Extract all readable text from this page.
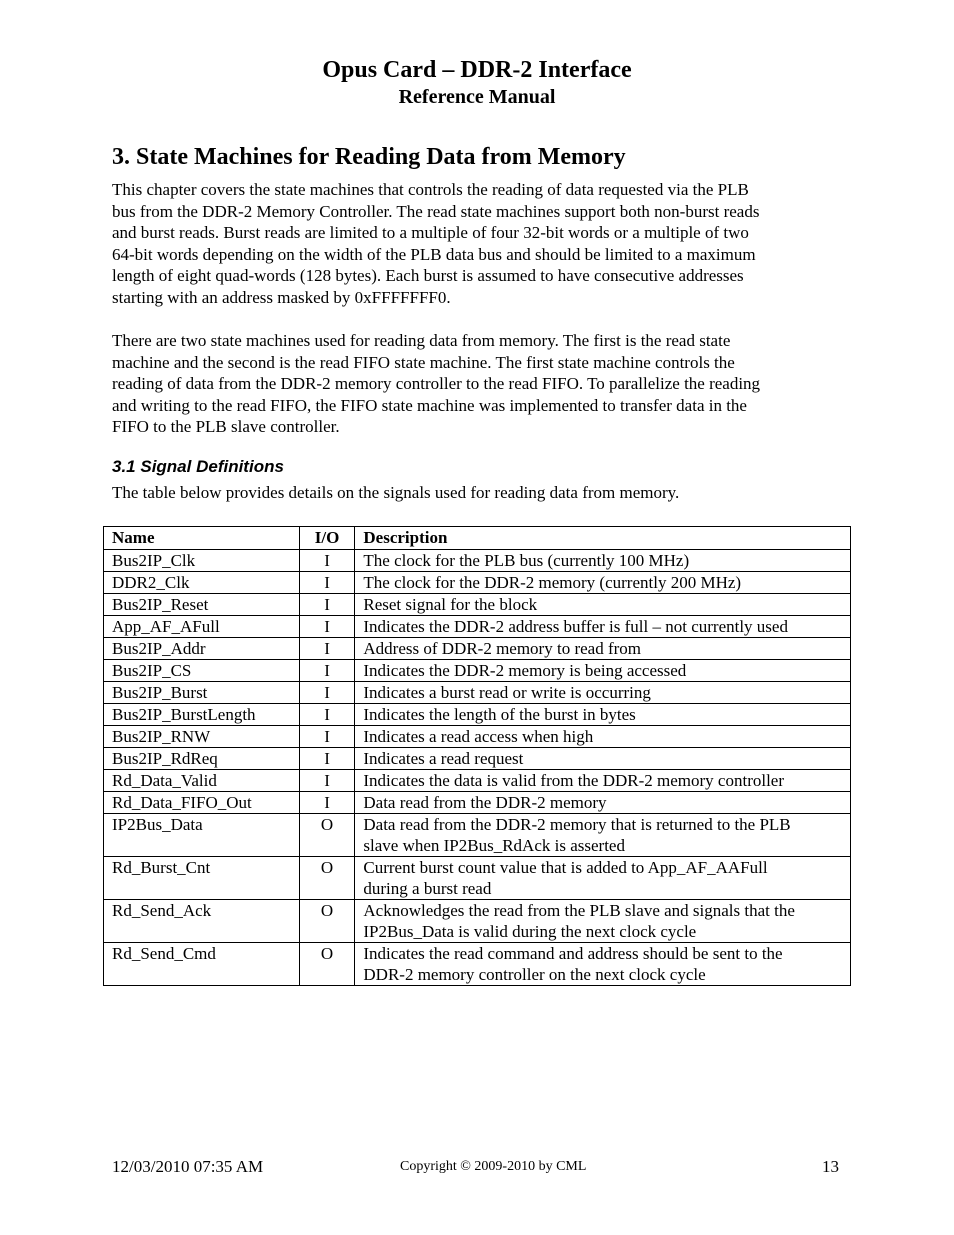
Opus Card – DDR-2 Interface
Reference Manual
3. State Machines for Reading Data from Memory

This chapter covers the state machines that controls the reading of data requested via the PLB
bus from the DDR-2 Memory Controller. The read state machines support both non-burst reads
and burst reads. Burst reads are limited to a multiple of four 32-bit words or a multiple of two
64-bit words depending on the width of the PLB data bus and should be limited to a maximum
length of eight quad-words (128 bytes). Each burst is assumed to have consecutive addresses
starting with an address masked by 0xFFFFFFF0.

There are two state machines used for reading data from memory. The first is the read state
machine and the second is the read FIFO state machine. The first state machine controls the
reading of data from the DDR-2 memory controller to the read FIFO. To parallelize the reading
and writing to the read FIFO, the FIFO state machine was implemented to transfer data in the
FIFO to the PLB slave controller.

3.1 Signal Definitions

The table below provides details on the signals used for reading data from memory.

Name	I/O	Description
Bus2IP_Clk	I	The clock for the PLB bus (currently 100 MHz)

DDR2_Clk	I	The clock for the DDR-2 memory (currently 200 MHz)

Bus2IP_Reset	I	Reset signal for the block

App_AF_AFull	I	Indicates the DDR-2 address buffer is full – not currently used

Bus2IP_Addr	I	Address of DDR-2 memory to read from

Bus2IP_CS	I	Indicates the DDR-2 memory is being accessed

Bus2IP_Burst	I	Indicates a burst read or write is occurring

Bus2IP_BurstLength	I	Indicates the length of the burst in bytes

Bus2IP_RNW	I	Indicates a read access when high

Bus2IP_RdReq	I	Indicates a read request

Rd_Data_Valid	I	Indicates the data is valid from the DDR-2 memory controller

Rd_Data_FIFO_Out	I	Data read from the DDR-2 memory

IP2Bus_Data	O	Data read from the DDR-2 memory that is returned to the PLB
slave when IP2Bus_RdAck is asserted

Rd_Burst_Cnt	O	Current burst count value that is added to App_AF_AAFull
during a burst read

Rd_Send_Ack	O	Acknowledges the read from the PLB slave and signals that the
IP2Bus_Data is valid during the next clock cycle

Rd_Send_Cmd	O	Indicates the read command and address should be sent to the
DDR-2 memory controller on the next clock cycle
12/03/2010 07:35 AM	Copyright © 2009-2010 by CML	13
